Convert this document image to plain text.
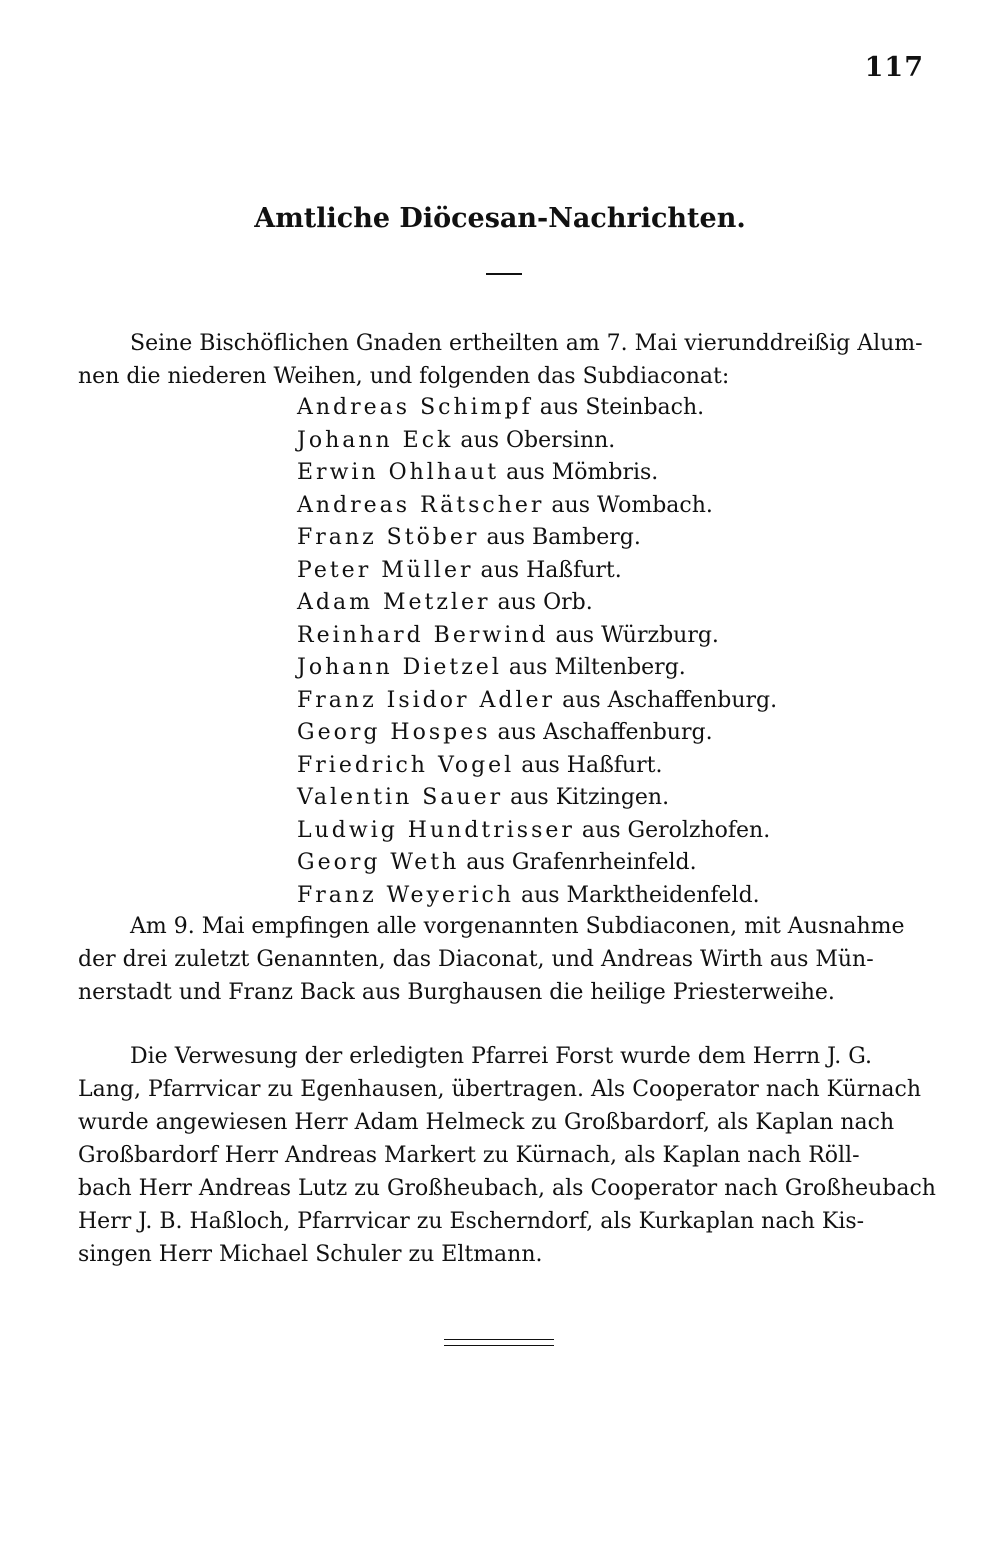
117
Amtliche Diöcesan-Nachrichten.
Seine Bischöflichen Gnaden ertheilten am 7. Mai vierunddreißig Alum-
nen die niederen Weihen, und folgenden das Subdiaconat:
Andreas Schimpf aus Steinbach.
Johann Eck aus Obersinn.
Erwin Ohlhaut aus Mömbris.
Andreas Rätscher aus Wombach.
Franz Stöber aus Bamberg.
Peter Müller aus Haßfurt.
Adam Metzler aus Orb.
Reinhard Berwind aus Würzburg.
Johann Dietzel aus Miltenberg.
Franz Isidor Adler aus Aschaffenburg.
Georg Hospes aus Aschaffenburg.
Friedrich Vogel aus Haßfurt.
Valentin Sauer aus Kitzingen.
Ludwig Hundtrisser aus Gerolzhofen.
Georg Weth aus Grafenrheinfeld.
Franz Weyerich aus Marktheidenfeld.
Am 9. Mai empfingen alle vorgenannten Subdiaconen, mit Ausnahme
der drei zuletzt Genannten, das Diaconat, und Andreas Wirth aus Mün-
nerstadt und Franz Back aus Burghausen die heilige Priesterweihe.
Die Verwesung der erledigten Pfarrei Forst wurde dem Herrn J. G.
Lang, Pfarrvicar zu Egenhausen, übertragen. Als Cooperator nach Kürnach
wurde angewiesen Herr Adam Helmeck zu Großbardorf, als Kaplan nach
Großbardorf Herr Andreas Markert zu Kürnach, als Kaplan nach Röll-
bach Herr Andreas Lutz zu Großheubach, als Cooperator nach Großheubach
Herr J. B. Haßloch, Pfarrvicar zu Escherndorf, als Kurkaplan nach Kis-
singen Herr Michael Schuler zu Eltmann.
